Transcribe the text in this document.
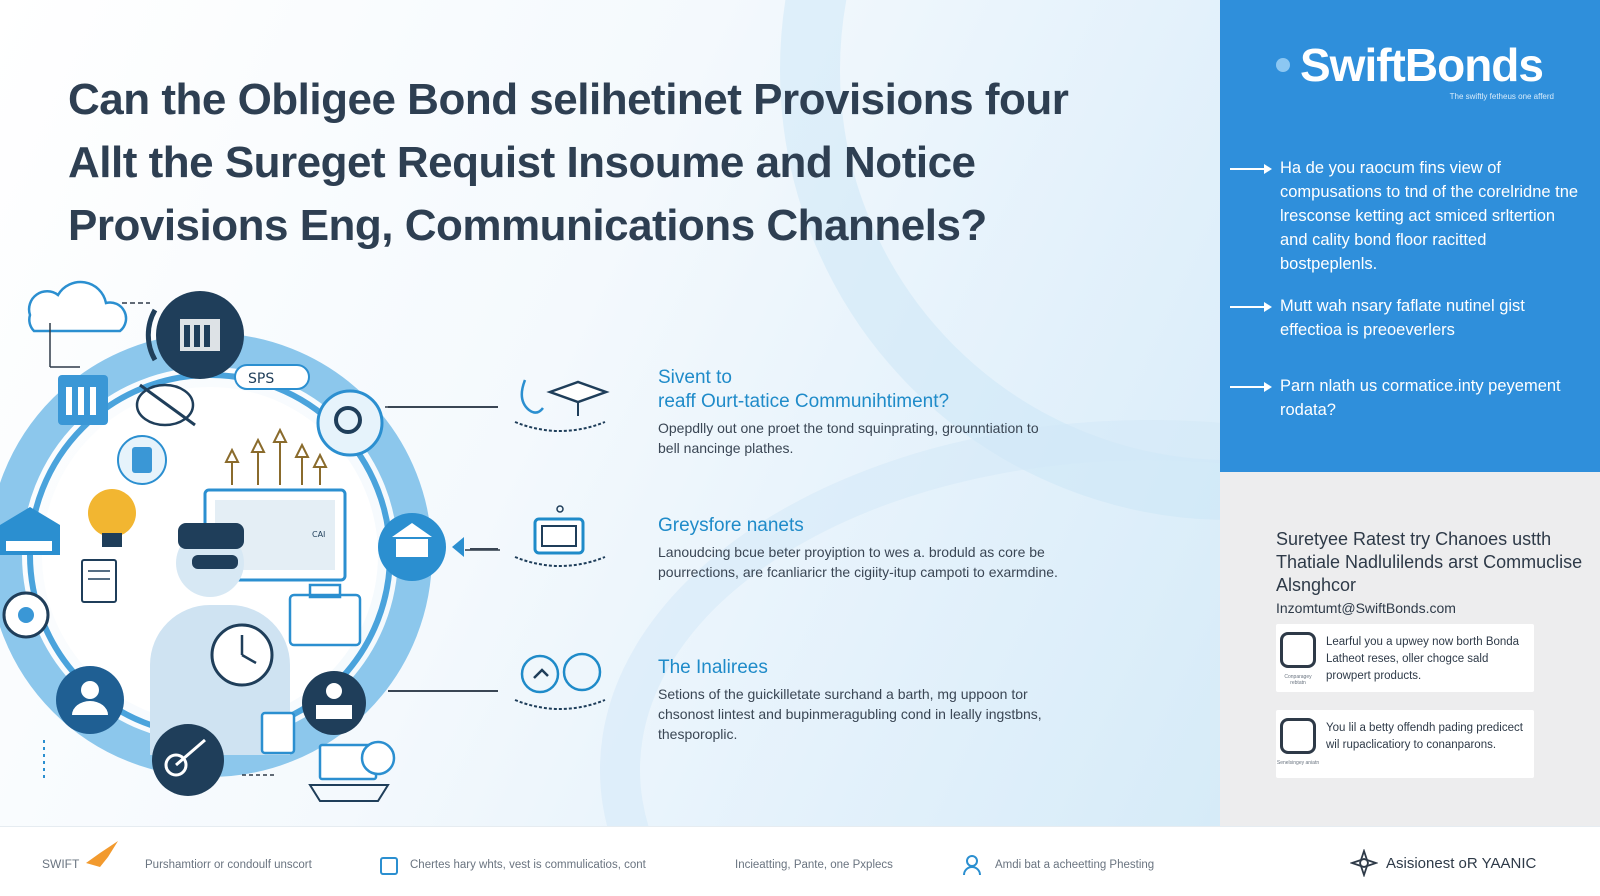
Can the Obligee Bond selihetinet Provisions four
Allt the Sureget Requist Insoume and Notice
Provisions Eng, Communications Channels?
SPS
CAI
Sivent to
reaff Ourt-tatice Communihtiment?
Opepdlly out one proet the tond squinprating, grounntiation to bell nancinge plathes.
Greysfore nanets
Lanoudcing bcue beter proyiption to wes a. broduld as core be pourrections, are fcanliaricr the cigiity-itup campoti to exarmdine.
The Inalirees
Setions of the guickilletate surchand a barth, mg uppoon tor chsonost lintest and bupinmeragubling cond in leally ingstbns, thesporoplic.
SwiftBonds
The swiftly fetheus one afferd
Ha de you raocum fins view of compusations to tnd of the corelridne tne lresconse ketting act smiced srltertion and cality bond floor racitted bostpeplenls.
Mutt wah nsary faflate nutinel gist effectioa is preoeverlers
Parn nlath us cormatice.inty peyement rodata?
Suretyee Ratest try Chanoes ustth Thatiale Nadlulilends arst Commuclise Alsnghcor
Inzomtumt@SwiftBonds.com
Conparagey rebtatn
Learful you a upwey now borth Bonda Latheot reses, oller chogce sald prowpert products.
Senelsingey aniatn
You lil a betty offendh pading predicect wil rupaclicatiory to conanparons.
SWIFT	Purshamtiorr or condoulf unscort	Chertes hary whts, vest is commulicatios, cont	Incieatting, Pante, one Pxplecs	Amdi bat a acheetting Phesting	Asisionest oR YAANIC
